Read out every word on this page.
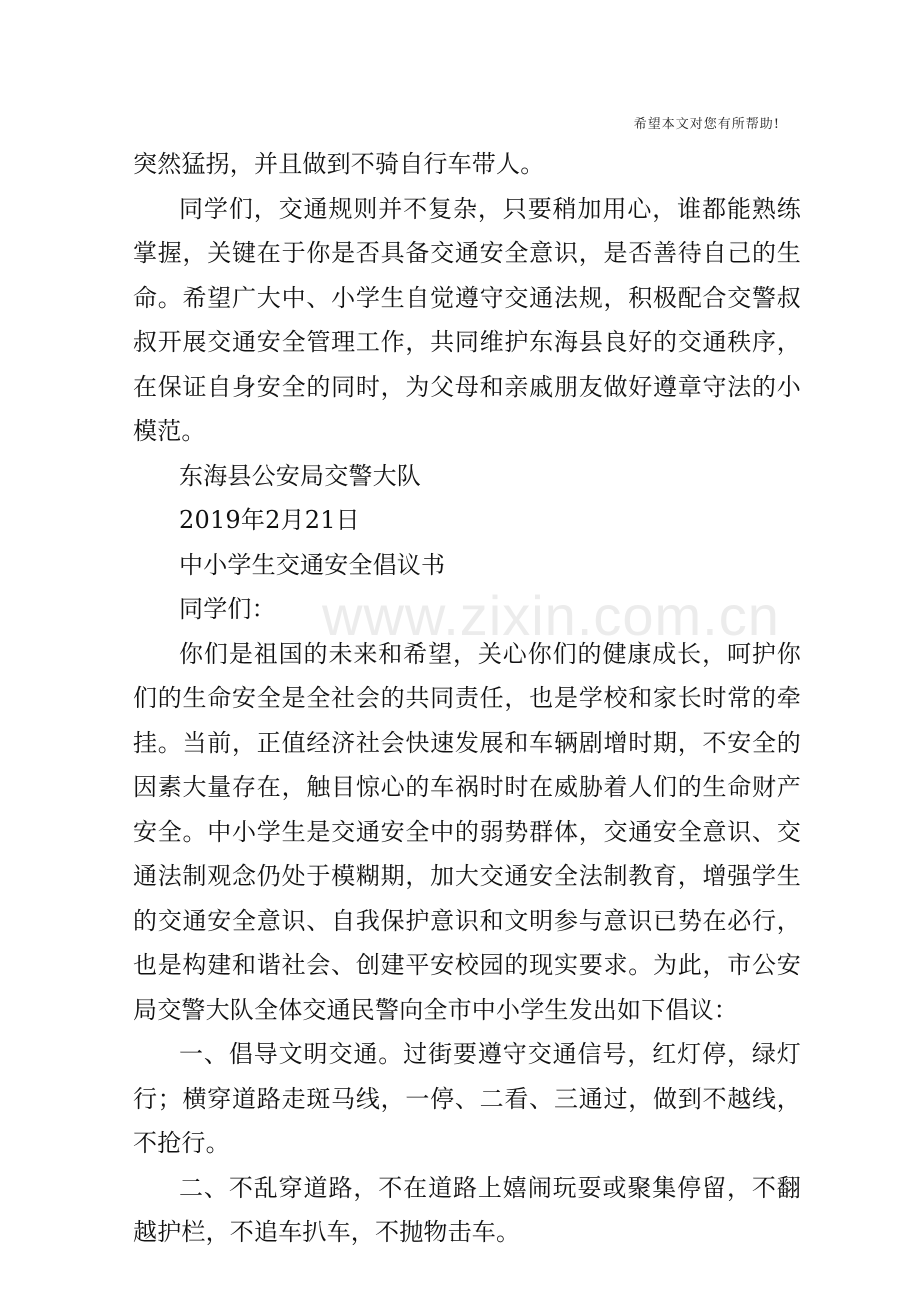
希望本文对您有所帮助!
www.zixin.com.cn

突然猛拐，并且做到不骑自行车带人。

同学们，交通规则并不复杂，只要稍加用心，谁都能熟练掌握，关键在于你是否具备交通安全意识，是否善待自己的生命。希望广大中、小学生自觉遵守交通法规，积极配合交警叔叔开展交通安全管理工作，共同维护东海县良好的交通秩序，在保证自身安全的同时，为父母和亲戚朋友做好遵章守法的小模范。

东海县公安局交警大队

2019年2月21日

中小学生交通安全倡议书

同学们：

你们是祖国的未来和希望，关心你们的健康成长，呵护你们的生命安全是全社会的共同责任，也是学校和家长时常的牵挂。当前，正值经济社会快速发展和车辆剧增时期，不安全的因素大量存在，触目惊心的车祸时时在威胁着人们的生命财产安全。中小学生是交通安全中的弱势群体，交通安全意识、交通法制观念仍处于模糊期，加大交通安全法制教育，增强学生的交通安全意识、自我保护意识和文明参与意识已势在必行，也是构建和谐社会、创建平安校园的现实要求。为此，市公安局交警大队全体交通民警向全市中小学生发出如下倡议：

一、倡导文明交通。过街要遵守交通信号，红灯停，绿灯行；横穿道路走斑马线，一停、二看、三通过，做到不越线，不抢行。

二、不乱穿道路，不在道路上嬉闹玩耍或聚集停留，不翻越护栏，不追车扒车，不抛物击车。
